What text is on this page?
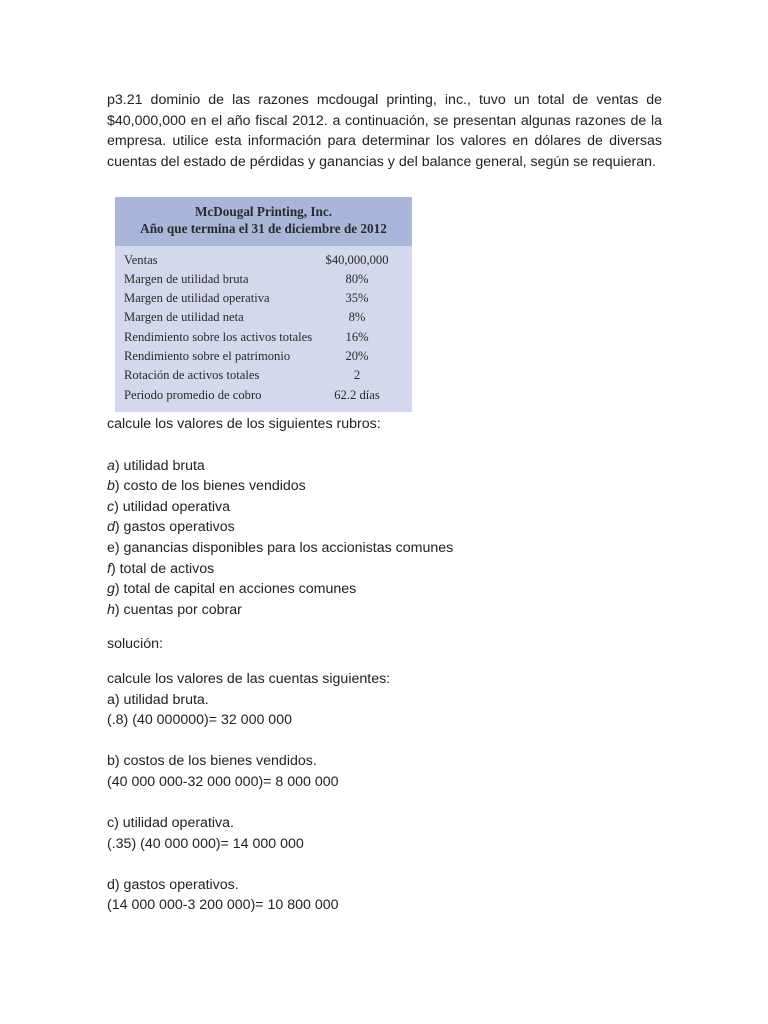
p3.21 dominio de las razones mcdougal printing, inc., tuvo un total de ventas de $40,000,000 en el año fiscal 2012. a continuación, se presentan algunas razones de la empresa. utilice esta información para determinar los valores en dólares de diversas cuentas del estado de pérdidas y ganancias y del balance general, según se requieran.

McDougal Printing, Inc.
Año que termina el 31 de diciembre de 2012
Ventas	$40,000,000
Margen de utilidad bruta	80%
Margen de utilidad operativa	35%
Margen de utilidad neta	8%
Rendimiento sobre los activos totales	16%
Rendimiento sobre el patrimonio	20%
Rotación de activos totales	2
Periodo promedio de cobro	62.2 días

calcule los valores de los siguientes rubros:

a) utilidad bruta

b) costo de los bienes vendidos

c) utilidad operativa

d) gastos operativos

e) ganancias disponibles para los accionistas comunes

f) total de activos

g) total de capital en acciones comunes

h) cuentas por cobrar

solución:

calcule los valores de las cuentas siguientes:

a) utilidad bruta.

(.8) (40 000000)= 32 000 000

b) costos de los bienes vendidos.

(40 000 000-32 000 000)= 8 000 000

c) utilidad operativa.

(.35) (40 000 000)= 14 000 000

d) gastos operativos.

(14 000 000-3 200 000)= 10 800 000
